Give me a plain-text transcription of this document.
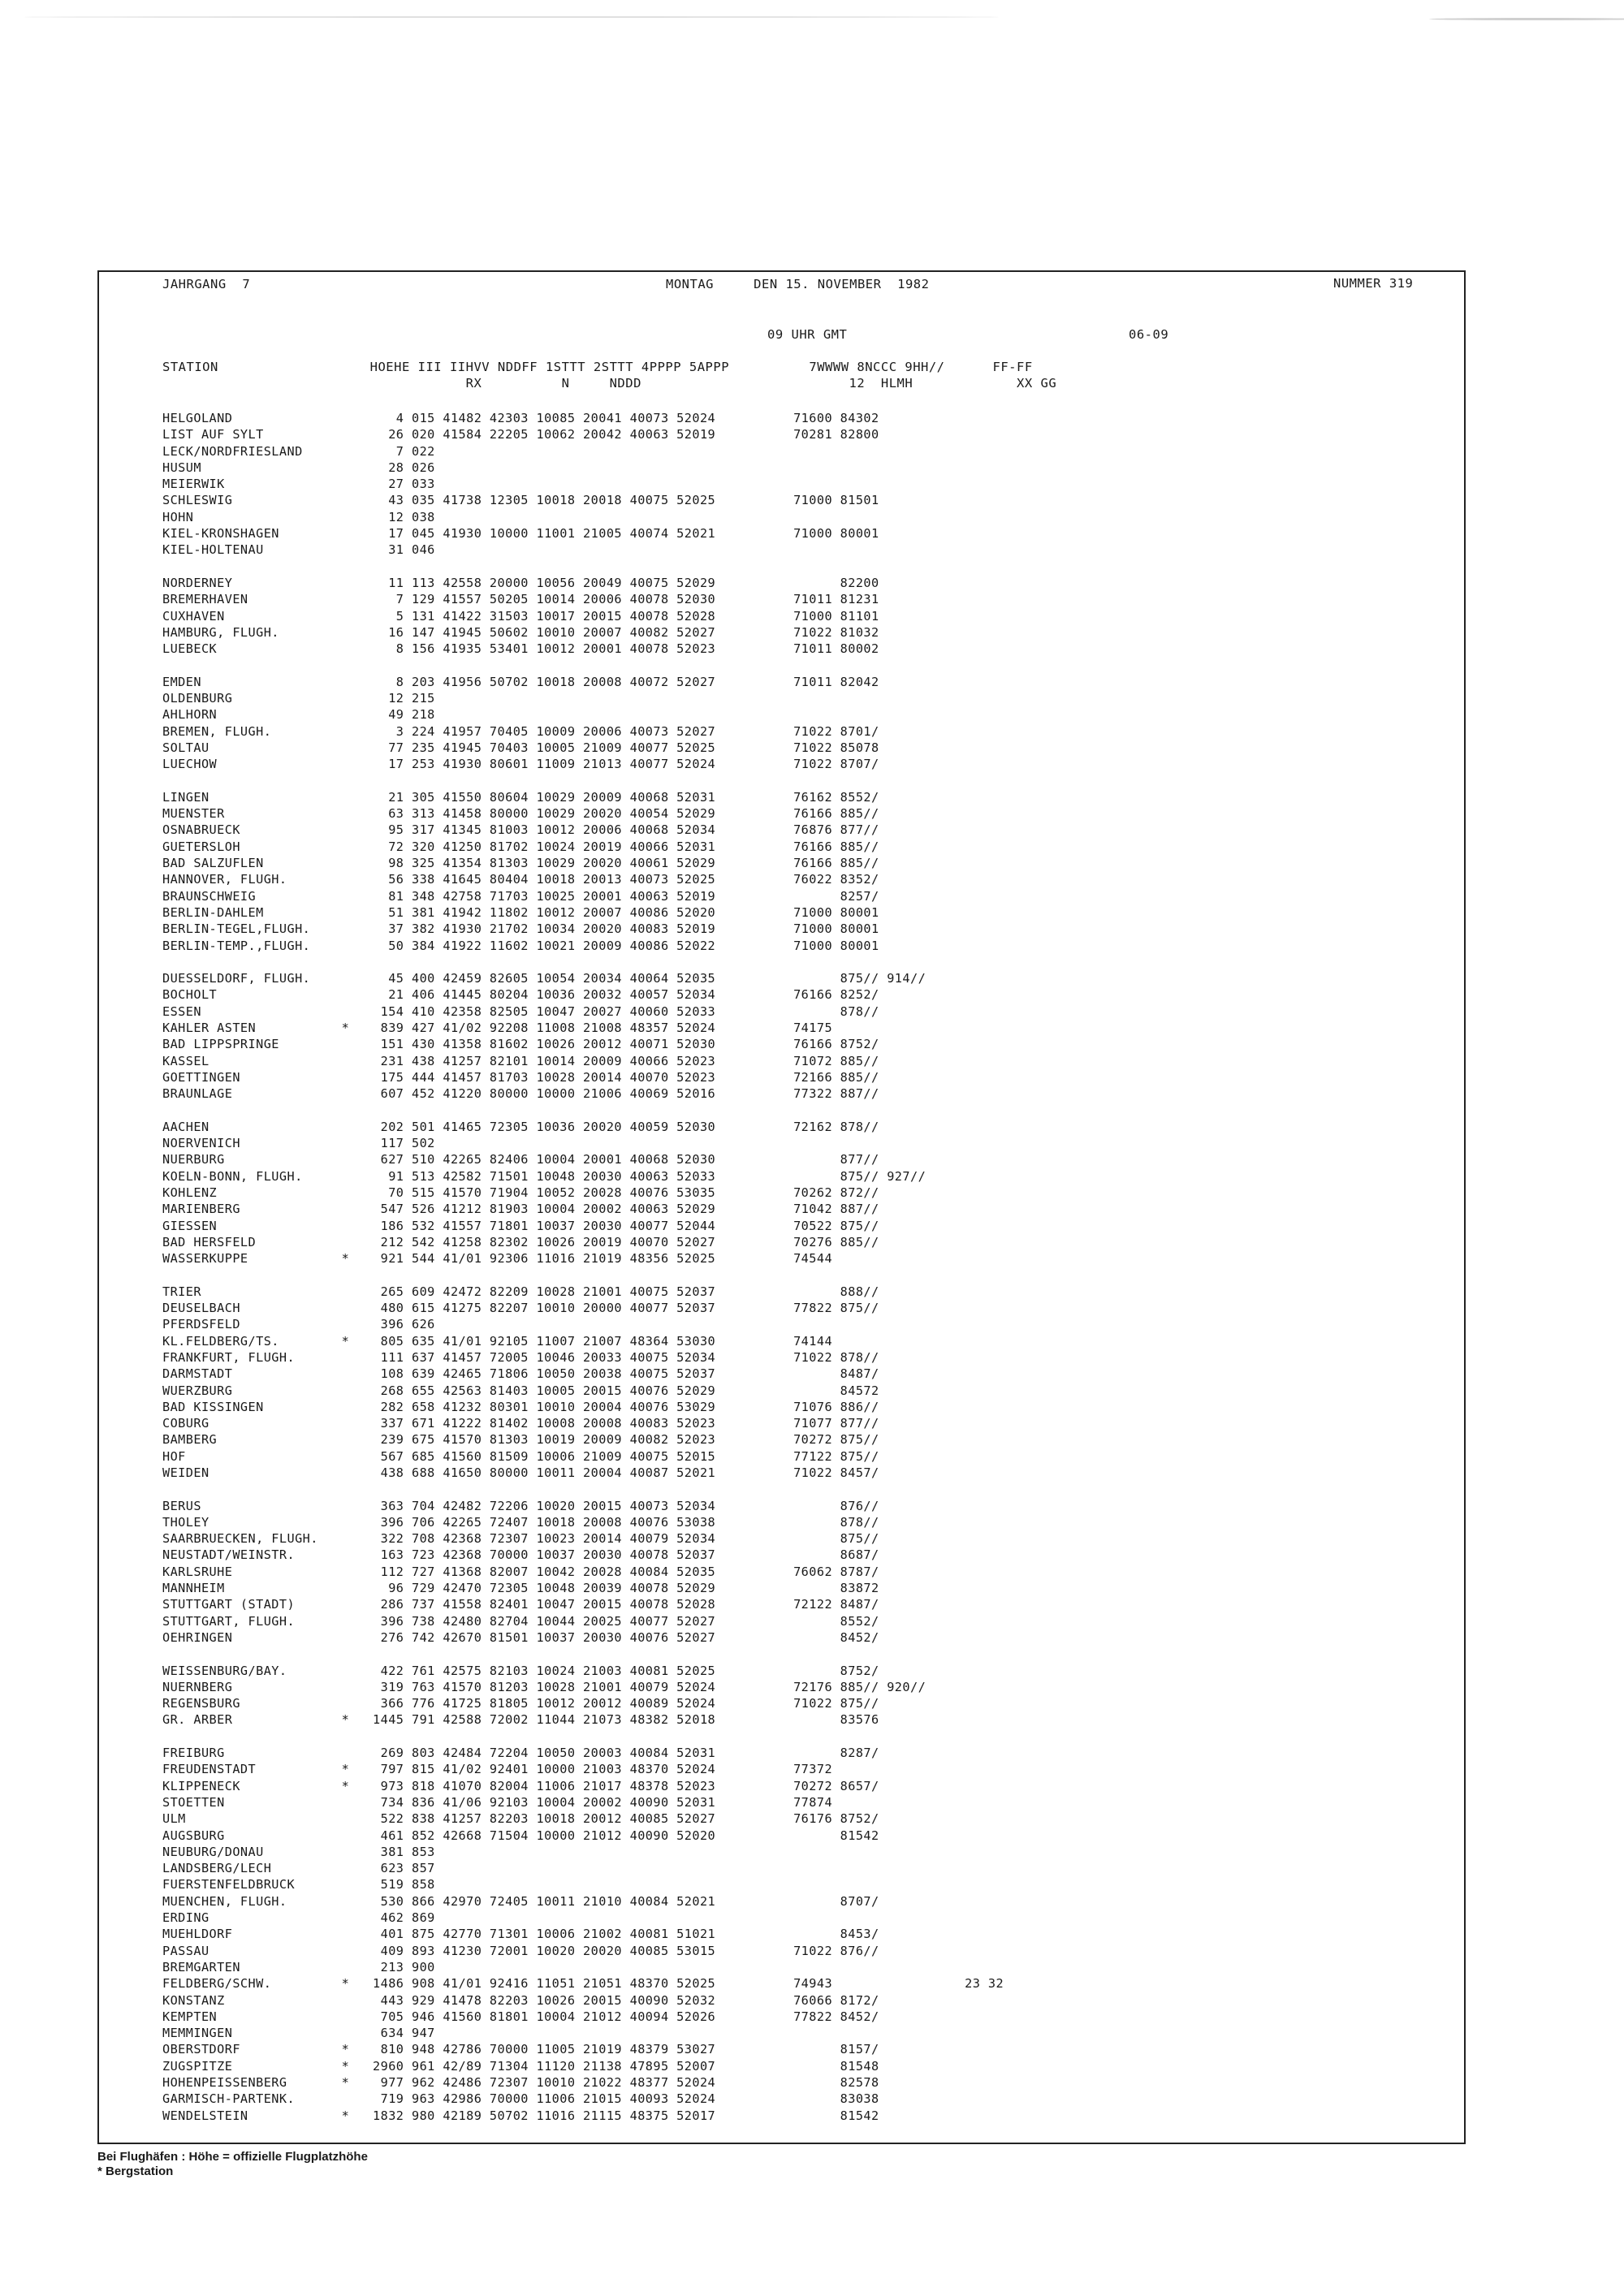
JAHRGANG  7	MONTAG     DEN 15. NOVEMBER  1982	NUMMER 319
09 UHR GMT	06-09
STATION                   HOEHE III IIHVV NDDFF 1STTT 2STTT 4PPPP 5APPP          7WWWW 8NCCC 9HH//      FF-FF
RX          N     NDDD                          12  HLMH             XX GG
HELGOLAND                     4 015 41482 42303 10085 20041 40073 52024          71600 84302
LIST AUF SYLT                26 020 41584 22205 10062 20042 40063 52019          70281 82800
LECK/NORDFRIESLAND            7 022
HUSUM                        28 026
MEIERWIK                     27 033
SCHLESWIG                    43 035 41738 12305 10018 20018 40075 52025          71000 81501
HOHN                         12 038
KIEL-KRONSHAGEN              17 045 41930 10000 11001 21005 40074 52021          71000 80001
KIEL-HOLTENAU                31 046
NORDERNEY                    11 113 42558 20000 10056 20049 40075 52029                82200
BREMERHAVEN                   7 129 41557 50205 10014 20006 40078 52030          71011 81231
CUXHAVEN                      5 131 41422 31503 10017 20015 40078 52028          71000 81101
HAMBURG, FLUGH.              16 147 41945 50602 10010 20007 40082 52027          71022 81032
LUEBECK                       8 156 41935 53401 10012 20001 40078 52023          71011 80002
EMDEN                         8 203 41956 50702 10018 20008 40072 52027          71011 82042
OLDENBURG                    12 215
AHLHORN                      49 218
BREMEN, FLUGH.                3 224 41957 70405 10009 20006 40073 52027          71022 8701/
SOLTAU                       77 235 41945 70403 10005 21009 40077 52025          71022 85078
LUECHOW                      17 253 41930 80601 11009 21013 40077 52024          71022 8707/
LINGEN                       21 305 41550 80604 10029 20009 40068 52031          76162 8552/
MUENSTER                     63 313 41458 80000 10029 20020 40054 52029          76166 885//
OSNABRUECK                   95 317 41345 81003 10012 20006 40068 52034          76876 877//
GUETERSLOH                   72 320 41250 81702 10024 20019 40066 52031          76166 885//
BAD SALZUFLEN                98 325 41354 81303 10029 20020 40061 52029          76166 885//
HANNOVER, FLUGH.             56 338 41645 80404 10018 20013 40073 52025          76022 8352/
BRAUNSCHWEIG                 81 348 42758 71703 10025 20001 40063 52019                8257/
BERLIN-DAHLEM                51 381 41942 11802 10012 20007 40086 52020          71000 80001
BERLIN-TEGEL,FLUGH.          37 382 41930 21702 10034 20020 40083 52019          71000 80001
BERLIN-TEMP.,FLUGH.          50 384 41922 11602 10021 20009 40086 52022          71000 80001
DUESSELDORF, FLUGH.          45 400 42459 82605 10054 20034 40064 52035                875// 914//
BOCHOLT                      21 406 41445 80204 10036 20032 40057 52034          76166 8252/
ESSEN                       154 410 42358 82505 10047 20027 40060 52033                878//
KAHLER ASTEN           *    839 427 41/02 92208 11008 21008 48357 52024          74175
BAD LIPPSPRINGE             151 430 41358 81602 10026 20012 40071 52030          76166 8752/
KASSEL                      231 438 41257 82101 10014 20009 40066 52023          71072 885//
GOETTINGEN                  175 444 41457 81703 10028 20014 40070 52023          72166 885//
BRAUNLAGE                   607 452 41220 80000 10000 21006 40069 52016          77322 887//
AACHEN                      202 501 41465 72305 10036 20020 40059 52030          72162 878//
NOERVENICH                  117 502
NUERBURG                    627 510 42265 82406 10004 20001 40068 52030                877//
KOELN-BONN, FLUGH.           91 513 42582 71501 10048 20030 40063 52033                875// 927//
KOHLENZ                      70 515 41570 71904 10052 20028 40076 53035          70262 872//
MARIENBERG                  547 526 41212 81903 10004 20002 40063 52029          71042 887//
GIESSEN                     186 532 41557 71801 10037 20030 40077 52044          70522 875//
BAD HERSFELD                212 542 41258 82302 10026 20019 40070 52027          70276 885//
WASSERKUPPE            *    921 544 41/01 92306 11016 21019 48356 52025          74544
TRIER                       265 609 42472 82209 10028 21001 40075 52037                888//
DEUSELBACH                  480 615 41275 82207 10010 20000 40077 52037          77822 875//
PFERDSFELD                  396 626
KL.FELDBERG/TS.        *    805 635 41/01 92105 11007 21007 48364 53030          74144
FRANKFURT, FLUGH.           111 637 41457 72005 10046 20033 40075 52034          71022 878//
DARMSTADT                   108 639 42465 71806 10050 20038 40075 52037                8487/
WUERZBURG                   268 655 42563 81403 10005 20015 40076 52029                84572
BAD KISSINGEN               282 658 41232 80301 10010 20004 40076 53029          71076 886//
COBURG                      337 671 41222 81402 10008 20008 40083 52023          71077 877//
BAMBERG                     239 675 41570 81303 10019 20009 40082 52023          70272 875//
HOF                         567 685 41560 81509 10006 21009 40075 52015          77122 875//
WEIDEN                      438 688 41650 80000 10011 20004 40087 52021          71022 8457/
BERUS                       363 704 42482 72206 10020 20015 40073 52034                876//
THOLEY                      396 706 42265 72407 10018 20008 40076 53038                878//
SAARBRUECKEN, FLUGH.        322 708 42368 72307 10023 20014 40079 52034                875//
NEUSTADT/WEINSTR.           163 723 42368 70000 10037 20030 40078 52037                8687/
KARLSRUHE                   112 727 41368 82007 10042 20028 40084 52035          76062 8787/
MANNHEIM                     96 729 42470 72305 10048 20039 40078 52029                83872
STUTTGART (STADT)           286 737 41558 82401 10047 20015 40078 52028          72122 8487/
STUTTGART, FLUGH.           396 738 42480 82704 10044 20025 40077 52027                8552/
OEHRINGEN                   276 742 42670 81501 10037 20030 40076 52027                8452/
WEISSENBURG/BAY.            422 761 42575 82103 10024 21003 40081 52025                8752/
NUERNBERG                   319 763 41570 81203 10028 21001 40079 52024          72176 885// 920//
REGENSBURG                  366 776 41725 81805 10012 20012 40089 52024          71022 875//
GR. ARBER              *   1445 791 42588 72002 11044 21073 48382 52018                83576
FREIBURG                    269 803 42484 72204 10050 20003 40084 52031                8287/
FREUDENSTADT           *    797 815 41/02 92401 10000 21003 48370 52024          77372
KLIPPENECK             *    973 818 41070 82004 11006 21017 48378 52023          70272 8657/
STOETTEN                    734 836 41/06 92103 10004 20002 40090 52031          77874
ULM                         522 838 41257 82203 10018 20012 40085 52027          76176 8752/
AUGSBURG                    461 852 42668 71504 10000 21012 40090 52020                81542
NEUBURG/DONAU               381 853
LANDSBERG/LECH              623 857
FUERSTENFELDBRUCK           519 858
MUENCHEN, FLUGH.            530 866 42970 72405 10011 21010 40084 52021                8707/
ERDING                      462 869
MUEHLDORF                   401 875 42770 71301 10006 21002 40081 51021                8453/
PASSAU                      409 893 41230 72001 10020 20020 40085 53015          71022 876//
BREMGARTEN                  213 900
FELDBERG/SCHW.         *   1486 908 41/01 92416 11051 21051 48370 52025          74943                 23 32
KONSTANZ                    443 929 41478 82203 10026 20015 40090 52032          76066 8172/
KEMPTEN                     705 946 41560 81801 10004 21012 40094 52026          77822 8452/
MEMMINGEN                   634 947
OBERSTDORF             *    810 948 42786 70000 11005 21019 48379 53027                8157/
ZUGSPITZE              *   2960 961 42/89 71304 11120 21138 47895 52007                81548
HOHENPEISSENBERG       *    977 962 42486 72307 10010 21022 48377 52024                82578
GARMISCH-PARTENK.           719 963 42986 70000 11006 21015 40093 52024                83038
WENDELSTEIN            *   1832 980 42189 50702 11016 21115 48375 52017                81542
Bei Flughäfen : Höhe = offizielle Flugplatzhöhe
* Bergstation
